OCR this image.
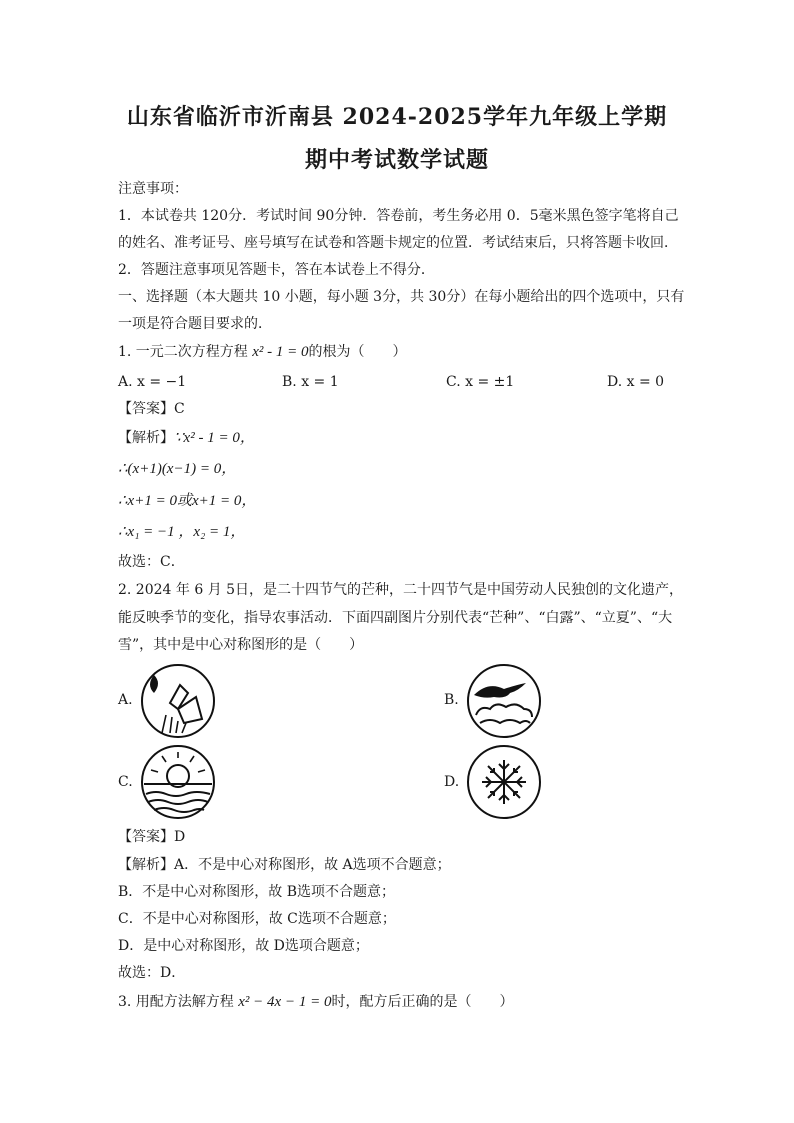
山东省临沂市沂南县 2024-2025学年九年级上学期
期中考试数学试题
注意事项：
1．本试卷共 120分．考试时间 90分钟．答卷前，考生务必用 0．5毫米黑色签字笔将自己
的姓名、准考证号、座号填写在试卷和答题卡规定的位置．考试结束后，只将答题卡收回．
2．答题注意事项见答题卡，答在本试卷上不得分．
一、选择题（本大题共 10 小题，每小题 3分，共 30分）在每小题给出的四个选项中，只有
一项是符合题目要求的．
1. 一元二次方程方程 x² - 1 = 0的根为（　　）
A. x = −1	B. x = 1	C. x = ±1	D. x = 0
【答案】C
【解析】∵x² - 1 = 0，
∴(x+1)(x−1) = 0，
∴x+1 = 0或x+1 = 0，
∴x₁ = −1 ，x₂ = 1，
故选：C．
2. 2024 年 6 月 5日，是二十四节气的芒种，二十四节气是中国劳动人民独创的文化遗产，
能反映季节的变化，指导农事活动．下面四副图片分别代表“芒种”、“白露”、“立夏”、“大
雪”，其中是中心对称图形的是（　　）
A.	B.
C.	D.
【答案】D
【解析】A．不是中心对称图形，故 A选项不合题意；
B．不是中心对称图形，故 B选项不合题意；
C．不是中心对称图形，故 C选项不合题意；
D．是中心对称图形，故 D选项合题意；
故选：D．
3. 用配方法解方程 x² − 4x − 1 = 0时，配方后正确的是（　　）
